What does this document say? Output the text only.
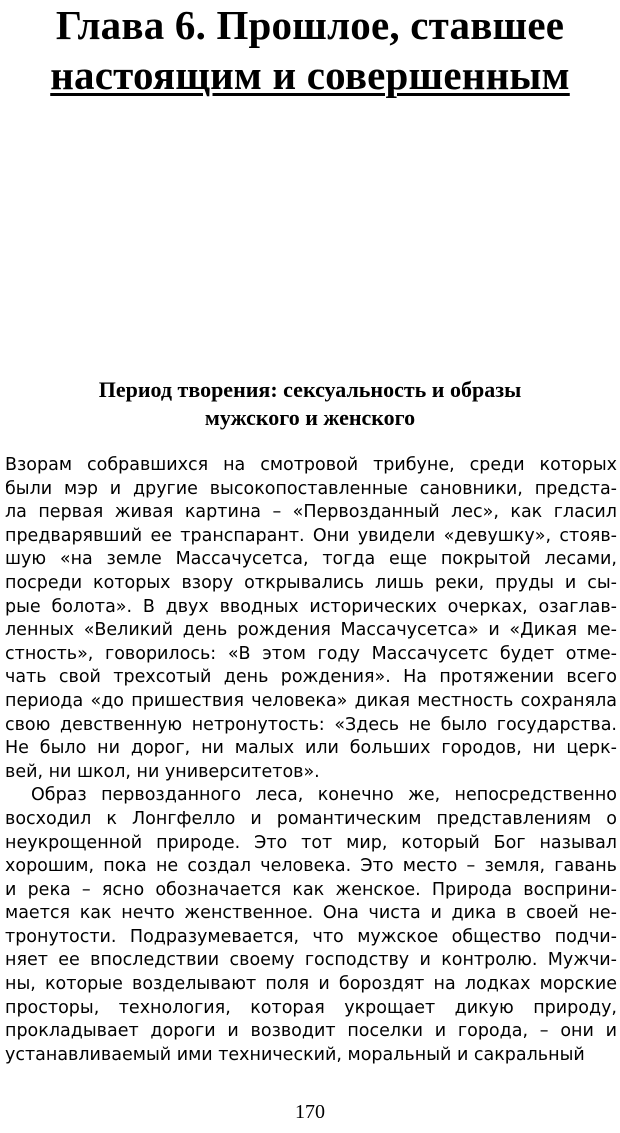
Глава 6. Прошлое, ставшее
настоящим и совершенным
Период творения: сексуальность и образы
мужского и женского
Взорам собравшихся на смотровой трибуне, среди которых
были мэр и другие высокопоставленные сановники, предста-
ла первая живая картина – «Первозданный лес», как гласил
предварявший ее транспарант. Они увидели «девушку», стояв-
шую «на земле Массачусетса, тогда еще покрытой лесами,
посреди которых взору открывались лишь реки, пруды и сы-
рые болота». В двух вводных исторических очерках, озаглав-
ленных «Великий день рождения Массачусетса» и «Дикая ме-
стность», говорилось: «В этом году Массачусетс будет отме-
чать свой трехсотый день рождения». На протяжении всего
периода «до пришествия человека» дикая местность сохраняла
свою девственную нетронутость: «Здесь не было государства.
Не было ни дорог, ни малых или больших городов, ни церк-
вей, ни школ, ни университетов».
Образ первозданного леса, конечно же, непосредственно
восходил к Лонгфелло и романтическим представлениям о
неукрощенной природе. Это тот мир, который Бог называл
хорошим, пока не создал человека. Это место – земля, гавань
и река – ясно обозначается как женское. Природа восприни-
мается как нечто женственное. Она чиста и дика в своей не-
тронутости. Подразумевается, что мужское общество подчи-
няет ее впоследствии своему господству и контролю. Мужчи-
ны, которые возделывают поля и бороздят на лодках морские
просторы, технология, которая укрощает дикую природу,
прокладывает дороги и возводит поселки и города, – они и
устанавливаемый ими технический, моральный и сакральный
170
